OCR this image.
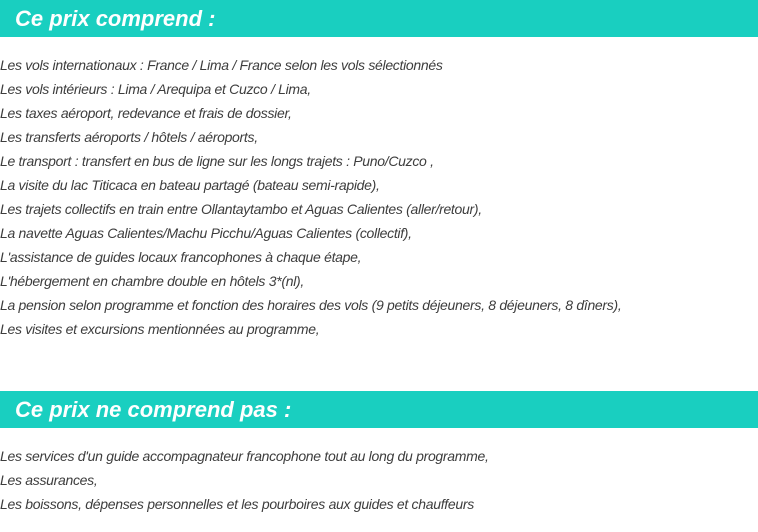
Ce prix comprend :
Les vols internationaux : France / Lima / France selon les vols sélectionnés
Les vols intérieurs : Lima / Arequipa et Cuzco / Lima,
Les taxes aéroport, redevance et frais de dossier,
Les transferts aéroports / hôtels / aéroports,
Le transport : transfert en bus de ligne sur les longs trajets : Puno/Cuzco ,
La visite du lac Titicaca en bateau partagé (bateau semi-rapide),
Les trajets collectifs en train entre Ollantaytambo et Aguas Calientes (aller/retour),
La navette Aguas Calientes/Machu Picchu/Aguas Calientes (collectif),
L'assistance de guides locaux francophones à chaque étape,
L'hébergement en chambre double en hôtels 3*(nl),
La pension selon programme et fonction des horaires des vols (9 petits déjeuners, 8 déjeuners, 8 dîners),
Les visites et excursions mentionnées au programme,
Ce prix ne comprend pas :
Les services d'un guide accompagnateur francophone tout au long du programme,
Les assurances,
Les boissons, dépenses personnelles et les pourboires aux guides et chauffeurs
